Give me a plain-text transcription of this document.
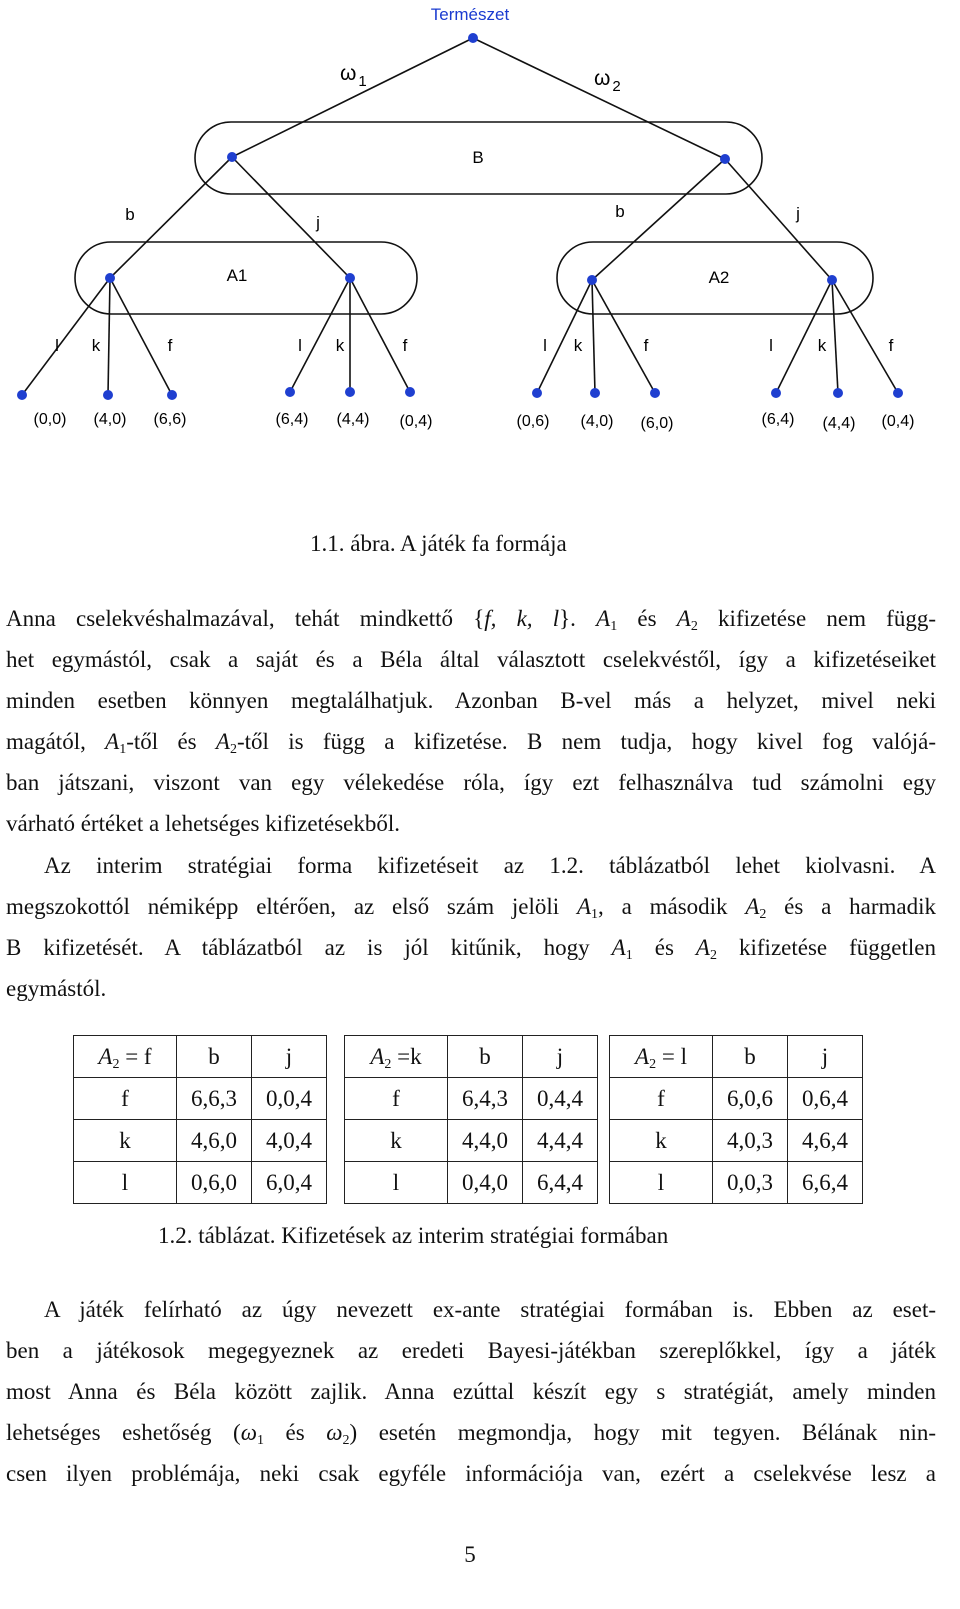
Természet
ω $_1$	ω $_2$
B
A1	A2
b	j
b	j
l k	f	l k	f	l k	f	l	k	f
(0,0) (4,0) (6,6)	(6,4) (4,4) (0,4)	(0,6) (4,0) (6,0)	(6,4) (4,4) (0,4)
1.1. ábra. A játék fa formája
Anna cselekvéshalmazával, tehát mindkettő {f, k, l}. $A_1$ és $A_2$ kifizetése nem függ-
het egymástól, csak a saját és a Béla által választott cselekvéstől, így a kifizetéseiket
minden esetben könnyen megtalálhatjuk. Azonban B-vel más a helyzet, mivel neki
magától, $A_1$-től és $A_2$-től is függ a kifizetése. B nem tudja, hogy kivel fog valójá-
ban játszani, viszont van egy vélekedése róla, így ezt felhasználva tud számolni egy
várható értéket a lehetséges kifizetésekből.
Az interim stratégiai forma kifizetéseit az 1.2. táblázatból lehet kiolvasni. A
megszokottól némiképp eltérően, az első szám jelöli $A_1$, a második $A_2$ és a harmadik
B kifizetését. A táblázatból az is jól kitűnik, hogy $A_1$ és $A_2$ kifizetése független
egymástól.
$A_2 = f$	b	j
f	6,6,3	0,0,4
k	4,6,0	4,0,4
l	0,6,0	6,0,4
$A_2 =k$	b	j
f	6,4,3	0,4,4
k	4,4,0	4,4,4
l	0,4,0	6,4,4
$A_2 = l$	b	j
f	6,0,6	0,6,4
k	4,0,3	4,6,4
l	0,0,3	6,6,4
1.2. táblázat. Kifizetések az interim stratégiai formában
A játék felírható az úgy nevezett ex-ante stratégiai formában is. Ebben az eset-
ben a játékosok megegyeznek az eredeti Bayesi-játékban szereplőkkel, így a játék
most Anna és Béla között zajlik. Anna ezúttal készít egy s stratégiát, amely minden
lehetséges eshetőség ($\omega_1$ és $\omega_2$) esetén megmondja, hogy mit tegyen. Bélának nin-
csen ilyen problémája, neki csak egyféle információja van, ezért a cselekvése lesz a
5
